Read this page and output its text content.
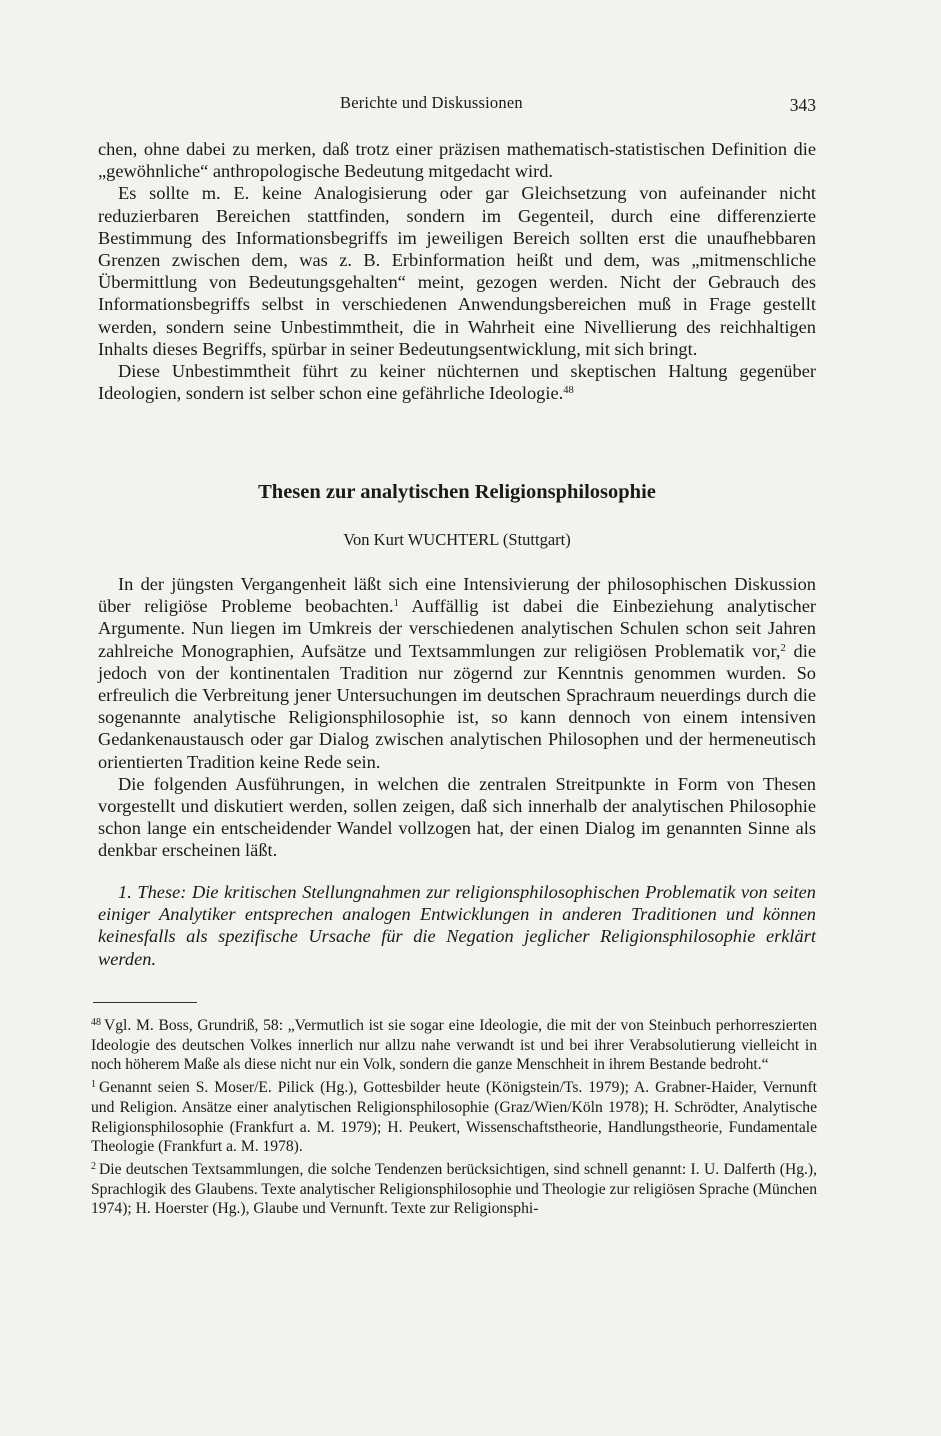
Berichte und Diskussionen	343

chen, ohne dabei zu merken, daß trotz einer präzisen mathematisch-statistischen Definition die „gewöhnliche“ anthropologische Bedeutung mitgedacht wird.

Es sollte m. E. keine Analogisierung oder gar Gleichsetzung von aufeinander nicht reduzierbaren Bereichen stattfinden, sondern im Gegenteil, durch eine differenzierte Bestimmung des Informationsbegriffs im jeweiligen Bereich sollten erst die unaufhebbaren Grenzen zwischen dem, was z. B. Erbinformation heißt und dem, was „mitmenschliche Übermittlung von Bedeutungsgehalten“ meint, gezogen werden. Nicht der Gebrauch des Informationsbegriffs selbst in verschiedenen Anwendungsbereichen muß in Frage gestellt werden, sondern seine Unbestimmtheit, die in Wahrheit eine Nivellierung des reichhaltigen Inhalts dieses Begriffs, spürbar in seiner Bedeutungsentwicklung, mit sich bringt.

Diese Unbestimmtheit führt zu keiner nüchternen und skeptischen Haltung gegenüber Ideologien, sondern ist selber schon eine gefährliche Ideologie.$^{48}$

Thesen zur analytischen Religionsphilosophie
Von Kurt WUCHTERL (Stuttgart)

In der jüngsten Vergangenheit läßt sich eine Intensivierung der philosophischen Diskussion über religiöse Probleme beobachten.$^1$ Auffällig ist dabei die Einbeziehung analytischer Argumente. Nun liegen im Umkreis der verschiedenen analytischen Schulen schon seit Jahren zahlreiche Monographien, Aufsätze und Textsammlungen zur religiösen Problematik vor,$^2$ die jedoch von der kontinentalen Tradition nur zögernd zur Kenntnis genommen wurden. So erfreulich die Verbreitung jener Untersuchungen im deutschen Sprachraum neuerdings durch die sogenannte analytische Religionsphilosophie ist, so kann dennoch von einem intensiven Gedankenaustausch oder gar Dialog zwischen analytischen Philosophen und der hermeneutisch orientierten Tradition keine Rede sein.

Die folgenden Ausführungen, in welchen die zentralen Streitpunkte in Form von Thesen vorgestellt und diskutiert werden, sollen zeigen, daß sich innerhalb der analytischen Philosophie schon lange ein entscheidender Wandel vollzogen hat, der einen Dialog im genannten Sinne als denkbar erscheinen läßt.

1. These: Die kritischen Stellungnahmen zur religionsphilosophischen Problematik von seiten einiger Analytiker entsprechen analogen Entwicklungen in anderen Traditionen und können keinesfalls als spezifische Ursache für die Negation jeglicher Religionsphilosophie erklärt werden.

$^{48}$ Vgl. M. Boss, Grundriß, 58: „Vermutlich ist sie sogar eine Ideologie, die mit der von Steinbuch perhorreszierten Ideologie des deutschen Volkes innerlich nur allzu nahe verwandt ist und bei ihrer Verabsolutierung vielleicht in noch höherem Maße als diese nicht nur ein Volk, sondern die ganze Menschheit in ihrem Bestande bedroht.“

$^1$ Genannt seien S. Moser/E. Pilick (Hg.), Gottesbilder heute (Königstein/Ts. 1979); A. Grabner-Haider, Vernunft und Religion. Ansätze einer analytischen Religionsphilosophie (Graz/Wien/Köln 1978); H. Schrödter, Analytische Religionsphilosophie (Frankfurt a. M. 1979); H. Peukert, Wissenschaftstheorie, Handlungstheorie, Fundamentale Theologie (Frankfurt a. M. 1978).

$^2$ Die deutschen Textsammlungen, die solche Tendenzen berücksichtigen, sind schnell genannt: I. U. Dalferth (Hg.), Sprachlogik des Glaubens. Texte analytischer Religionsphilosophie und Theologie zur religiösen Sprache (München 1974); H. Hoerster (Hg.), Glaube und Vernunft. Texte zur Religionsphi-
